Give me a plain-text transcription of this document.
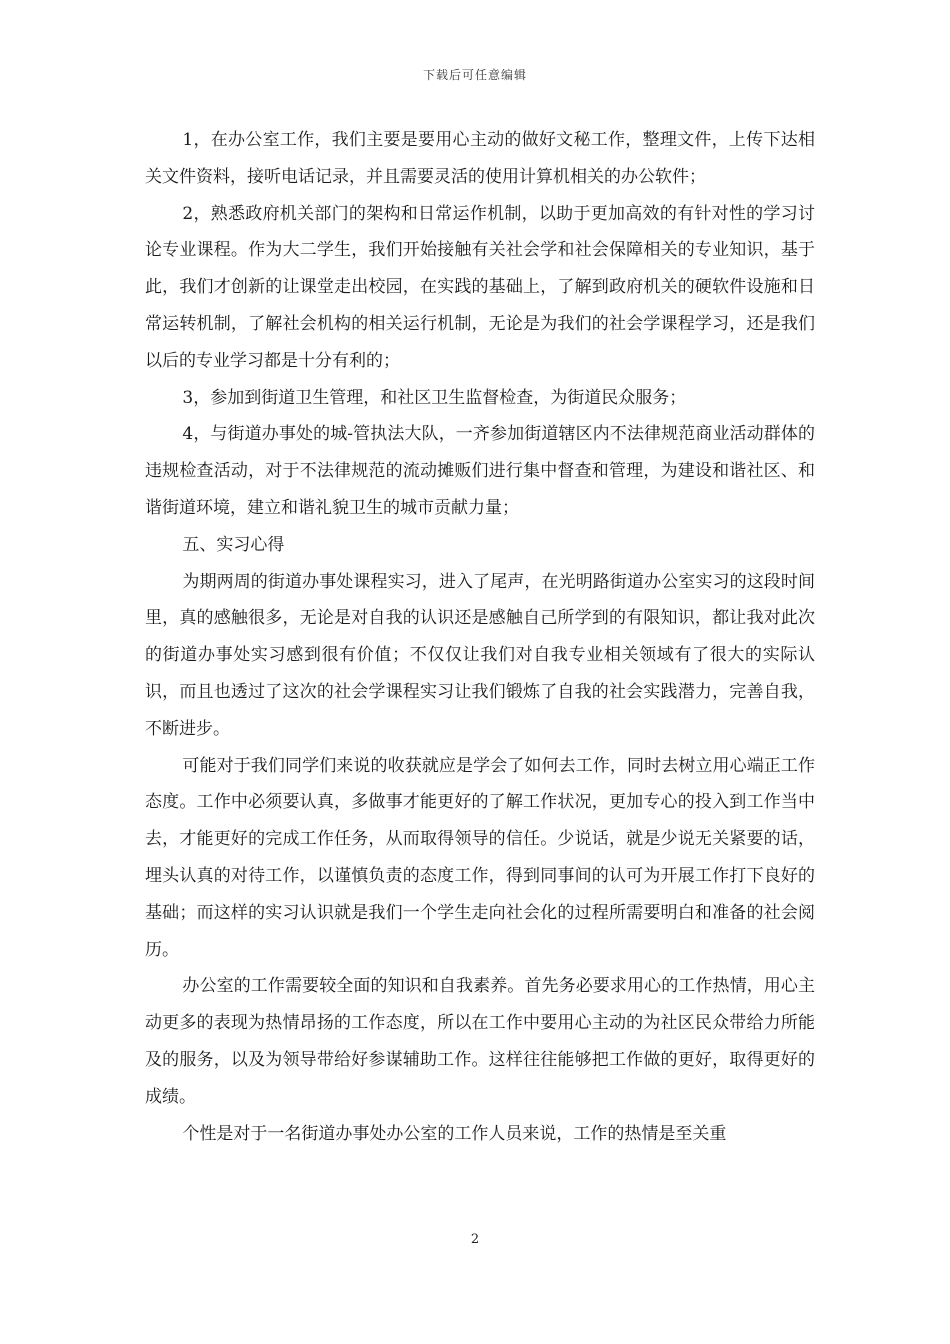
下载后可任意编辑

1，在办公室工作，我们主要是要用心主动的做好文秘工作，整理文件，上传下达相关文件资料，接听电话记录，并且需要灵活的使用计算机相关的办公软件；

2，熟悉政府机关部门的架构和日常运作机制，以助于更加高效的有针对性的学习讨论专业课程。作为大二学生，我们开始接触有关社会学和社会保障相关的专业知识，基于此，我们才创新的让课堂走出校园，在实践的基础上，了解到政府机关的硬软件设施和日常运转机制，了解社会机构的相关运行机制，无论是为我们的社会学课程学习，还是我们以后的专业学习都是十分有利的；

3，参加到街道卫生管理，和社区卫生监督检查，为街道民众服务；

4，与街道办事处的城-管执法大队，一齐参加街道辖区内不法律规范商业活动群体的违规检查活动，对于不法律规范的流动摊贩们进行集中督查和管理，为建设和谐社区、和谐街道环境，建立和谐礼貌卫生的城市贡献力量；

五、实习心得

为期两周的街道办事处课程实习，进入了尾声，在光明路街道办公室实习的这段时间里，真的感触很多，无论是对自我的认识还是感触自己所学到的有限知识，都让我对此次的街道办事处实习感到很有价值；不仅仅让我们对自我专业相关领域有了很大的实际认识，而且也透过了这次的社会学课程实习让我们锻炼了自我的社会实践潜力，完善自我，不断进步。

可能对于我们同学们来说的收获就应是学会了如何去工作，同时去树立用心端正工作态度。工作中必须要认真，多做事才能更好的了解工作状况，更加专心的投入到工作当中去，才能更好的完成工作任务，从而取得领导的信任。少说话，就是少说无关紧要的话，埋头认真的对待工作，以谨慎负责的态度工作，得到同事间的认可为开展工作打下良好的基础；而这样的实习认识就是我们一个学生走向社会化的过程所需要明白和准备的社会阅历。

办公室的工作需要较全面的知识和自我素养。首先务必要求用心的工作热情，用心主动更多的表现为热情昂扬的工作态度，所以在工作中要用心主动的为社区民众带给力所能及的服务，以及为领导带给好参谋辅助工作。这样往往能够把工作做的更好，取得更好的成绩。

个性是对于一名街道办事处办公室的工作人员来说，工作的热情是至关重

2
